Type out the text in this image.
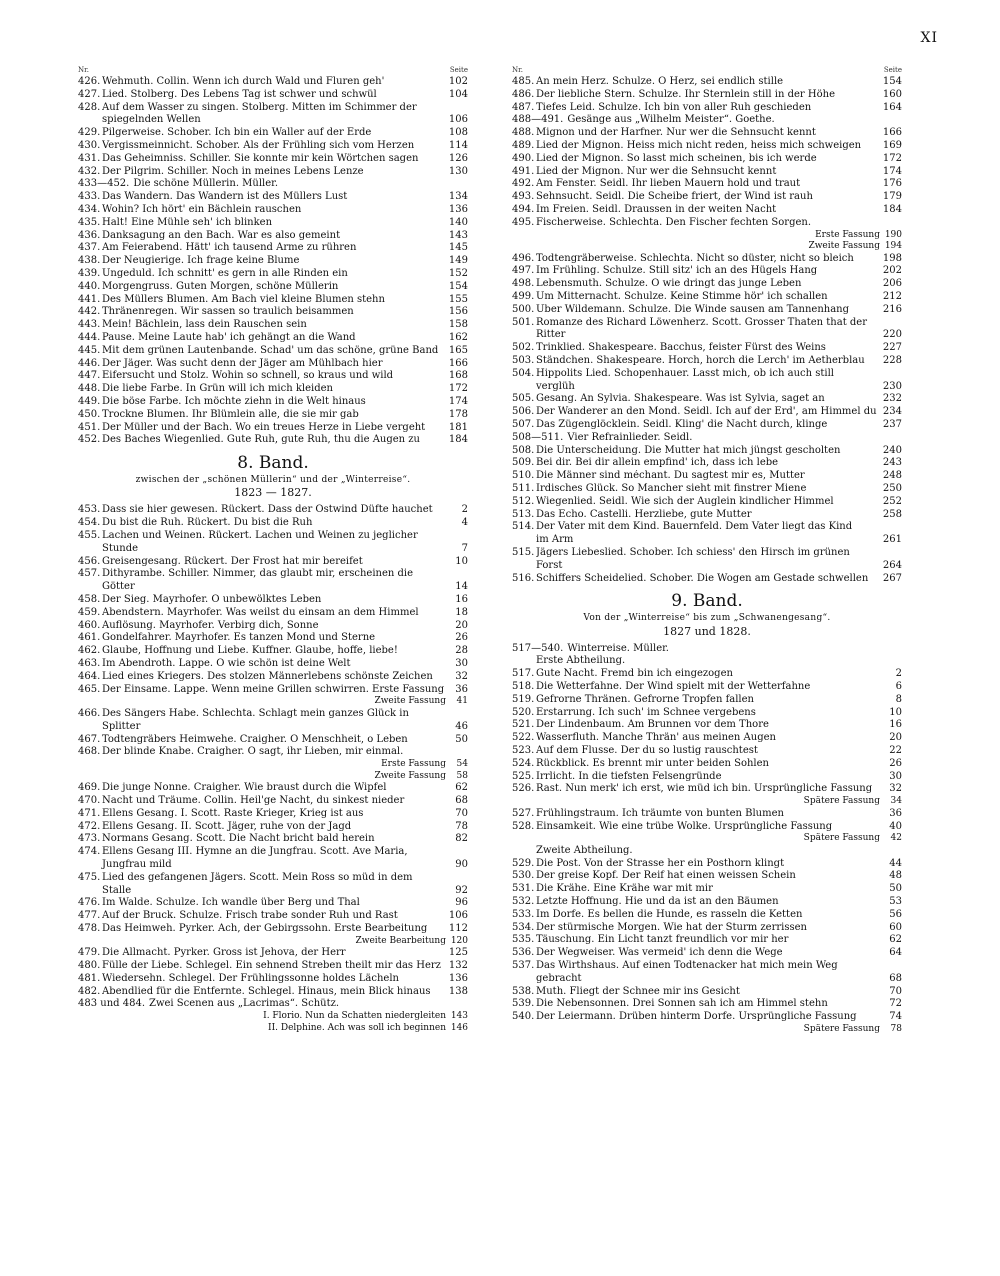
XI
Nr.	Seite
426. Wehmuth. Collin. Wenn ich durch Wald und Fluren geh'	102
427. Lied. Stolberg. Des Lebens Tag ist schwer und schwül	104
428. Auf dem Wasser zu singen. Stolberg. Mitten im Schimmer der
spiegelnden Wellen	106
429. Pilgerweise. Schober. Ich bin ein Waller auf der Erde	108
430. Vergissmeinnicht. Schober. Als der Frühling sich vom Herzen	114
431. Das Geheimniss. Schiller. Sie konnte mir kein Wörtchen sagen	126
432. Der Pilgrim. Schiller. Noch in meines Lebens Lenze	130
433—452. Die schöne Müllerin. Müller.
433. Das Wandern. Das Wandern ist des Müllers Lust	134
434. Wohin? Ich hört' ein Bächlein rauschen	136
435. Halt! Eine Mühle seh' ich blinken	140
436. Danksagung an den Bach. War es also gemeint	143
437. Am Feierabend. Hätt' ich tausend Arme zu rühren	145
438. Der Neugierige. Ich frage keine Blume	149
439. Ungeduld. Ich schnitt' es gern in alle Rinden ein	152
440. Morgengruss. Guten Morgen, schöne Müllerin	154
441. Des Müllers Blumen. Am Bach viel kleine Blumen stehn	155
442. Thränenregen. Wir sassen so traulich beisammen	156
443. Mein! Bächlein, lass dein Rauschen sein	158
444. Pause. Meine Laute hab' ich gehängt an die Wand	162
445. Mit dem grünen Lautenbande. Schad' um das schöne, grüne Band	165
446. Der Jäger. Was sucht denn der Jäger am Mühlbach hier	166
447. Eifersucht und Stolz. Wohin so schnell, so kraus und wild	168
448. Die liebe Farbe. In Grün will ich mich kleiden	172
449. Die böse Farbe. Ich möchte ziehn in die Welt hinaus	174
450. Trockne Blumen. Ihr Blümlein alle, die sie mir gab	178
451. Der Müller und der Bach. Wo ein treues Herze in Liebe vergeht	181
452. Des Baches Wiegenlied. Gute Ruh, gute Ruh, thu die Augen zu	184
8. Band.
zwischen der „schönen Müllerin“ und der „Winterreise“.
1823 — 1827.
453. Dass sie hier gewesen. Rückert. Dass der Ostwind Düfte hauchet	2
454. Du bist die Ruh. Rückert. Du bist die Ruh	4
455. Lachen und Weinen. Rückert. Lachen und Weinen zu jeglicher
Stunde	7
456. Greisengesang. Rückert. Der Frost hat mir bereifet	10
457. Dithyrambe. Schiller. Nimmer, das glaubt mir, erscheinen die
Götter	14
458. Der Sieg. Mayrhofer. O unbewölktes Leben	16
459. Abendstern. Mayrhofer. Was weilst du einsam an dem Himmel	18
460. Auflösung. Mayrhofer. Verbirg dich, Sonne	20
461. Gondelfahrer. Mayrhofer. Es tanzen Mond und Sterne	26
462. Glaube, Hoffnung und Liebe. Kuffner. Glaube, hoffe, liebe!	28
463. Im Abendroth. Lappe. O wie schön ist deine Welt	30
464. Lied eines Kriegers. Des stolzen Männerlebens schönste Zeichen	32
465. Der Einsame. Lappe. Wenn meine Grillen schwirren. Erste Fassung	36
Zweite Fassung	41
466. Des Sängers Habe. Schlechta. Schlagt mein ganzes Glück in
Splitter	46
467. Todtengräbers Heimwehe. Craigher. O Menschheit, o Leben	50
468. Der blinde Knabe. Craigher. O sagt, ihr Lieben, mir einmal.
Erste Fassung	54
Zweite Fassung	58
469. Die junge Nonne. Craigher. Wie braust durch die Wipfel	62
470. Nacht und Träume. Collin. Heil'ge Nacht, du sinkest nieder	68
471. Ellens Gesang. I. Scott. Raste Krieger, Krieg ist aus	70
472. Ellens Gesang. II. Scott. Jäger, ruhe von der Jagd	78
473. Normans Gesang. Scott. Die Nacht bricht bald herein	82
474. Ellens Gesang III. Hymne an die Jungfrau. Scott. Ave Maria,
Jungfrau mild	90
475. Lied des gefangenen Jägers. Scott. Mein Ross so müd in dem
Stalle	92
476. Im Walde. Schulze. Ich wandle über Berg und Thal	96
477. Auf der Bruck. Schulze. Frisch trabe sonder Ruh und Rast	106
478. Das Heimweh. Pyrker. Ach, der Gebirgssohn. Erste Bearbeitung	112
Zweite Bearbeitung 120
479. Die Allmacht. Pyrker. Gross ist Jehova, der Herr	125
480. Fülle der Liebe. Schlegel. Ein sehnend Streben theilt mir das Herz 132
481. Wiedersehn. Schlegel. Der Frühlingssonne holdes Lächeln	136
482. Abendlied für die Entfernte. Schlegel. Hinaus, mein Blick hinaus	138
483 und 484. Zwei Scenen aus „Lacrimas“. Schütz.
I. Florio. Nun da Schatten niedergleiten 143
II. Delphine. Ach was soll ich beginnen 146
Nr.	Seite
485. An mein Herz. Schulze. O Herz, sei endlich stille	154
486. Der liebliche Stern. Schulze. Ihr Sternlein still in der Höhe	160
487. Tiefes Leid. Schulze. Ich bin von aller Ruh geschieden	164
488—491. Gesänge aus „Wilhelm Meister“. Goethe.
488. Mignon und der Harfner. Nur wer die Sehnsucht kennt	166
489. Lied der Mignon. Heiss mich nicht reden, heiss mich schweigen	169
490. Lied der Mignon. So lasst mich scheinen, bis ich werde	172
491. Lied der Mignon. Nur wer die Sehnsucht kennt	174
492. Am Fenster. Seidl. Ihr lieben Mauern hold und traut	176
493. Sehnsucht. Seidl. Die Scheibe friert, der Wind ist rauh	179
494. Im Freien. Seidl. Draussen in der weiten Nacht	184
495. Fischerweise. Schlechta. Den Fischer fechten Sorgen.
Erste Fassung 190
Zweite Fassung 194
496. Todtengräberweise. Schlechta. Nicht so düster, nicht so bleich	198
497. Im Frühling. Schulze. Still sitz' ich an des Hügels Hang	202
498. Lebensmuth. Schulze. O wie dringt das junge Leben	206
499. Um Mitternacht. Schulze. Keine Stimme hör' ich schallen	212
500. Über Wildemann. Schulze. Die Winde sausen am Tannenhang	216
501. Romanze des Richard Löwenherz. Scott. Grosser Thaten that der
Ritter	220
502. Trinklied. Shakespeare. Bacchus, feister Fürst des Weins	227
503. Ständchen. Shakespeare. Horch, horch die Lerch' im Aetherblau	228
504. Hippolits Lied. Schopenhauer. Lasst mich, ob ich auch still
verglüh	230
505. Gesang. An Sylvia. Shakespeare. Was ist Sylvia, saget an	232
506. Der Wanderer an den Mond. Seidl. Ich auf der Erd', am Himmel du 234
507. Das Zügenglöcklein. Seidl. Kling' die Nacht durch, klinge	237
508—511. Vier Refrainlieder. Seidl.
508. Die Unterscheidung. Die Mutter hat mich jüngst gescholten	240
509. Bei dir. Bei dir allein empfind' ich, dass ich lebe	243
510. Die Männer sind méchant. Du sagtest mir es, Mutter	248
511. Irdisches Glück. So Mancher sieht mit finstrer Miene	250
512. Wiegenlied. Seidl. Wie sich der Äuglein kindlicher Himmel	252
513. Das Echo. Castelli. Herzliebe, gute Mutter	258
514. Der Vater mit dem Kind. Bauernfeld. Dem Vater liegt das Kind
im Arm	261
515. Jägers Liebeslied. Schober. Ich schiess' den Hirsch im grünen
Forst	264
516. Schiffers Scheidelied. Schober. Die Wogen am Gestade schwellen	267
9. Band.
Von der „Winterreise“ bis zum „Schwanengesang“.
1827 und 1828.
517—540. Winterreise. Müller.
Erste Abtheilung.
517. Gute Nacht. Fremd bin ich eingezogen	2
518. Die Wetterfahne. Der Wind spielt mit der Wetterfahne	6
519. Gefrorne Thränen. Gefrorne Tropfen fallen	8
520. Erstarrung. Ich such' im Schnee vergebens	10
521. Der Lindenbaum. Am Brunnen vor dem Thore	16
522. Wasserfluth. Manche Thrän' aus meinen Augen	20
523. Auf dem Flusse. Der du so lustig rauschtest	22
524. Rückblick. Es brennt mir unter beiden Sohlen	26
525. Irrlicht. In die tiefsten Felsengründe	30
526. Rast. Nun merk' ich erst, wie müd ich bin. Ursprüngliche Fassung	32
Spätere Fassung	34
527. Frühlingstraum. Ich träumte von bunten Blumen	36
528. Einsamkeit. Wie eine trübe Wolke. Ursprüngliche Fassung	40
Spätere Fassung	42
Zweite Abtheilung.
529. Die Post. Von der Strasse her ein Posthorn klingt	44
530. Der greise Kopf. Der Reif hat einen weissen Schein	48
531. Die Krähe. Eine Krähe war mit mir	50
532. Letzte Hoffnung. Hie und da ist an den Bäumen	53
533. Im Dorfe. Es bellen die Hunde, es rasseln die Ketten	56
534. Der stürmische Morgen. Wie hat der Sturm zerrissen	60
535. Täuschung. Ein Licht tanzt freundlich vor mir her	62
536. Der Wegweiser. Was vermeid' ich denn die Wege	64
537. Das Wirthshaus. Auf einen Todtenacker hat mich mein Weg
gebracht	68
538. Muth. Fliegt der Schnee mir ins Gesicht	70
539. Die Nebensonnen. Drei Sonnen sah ich am Himmel stehn	72
540. Der Leiermann. Drüben hinterm Dorfe. Ursprüngliche Fassung	74
Spätere Fassung	78
